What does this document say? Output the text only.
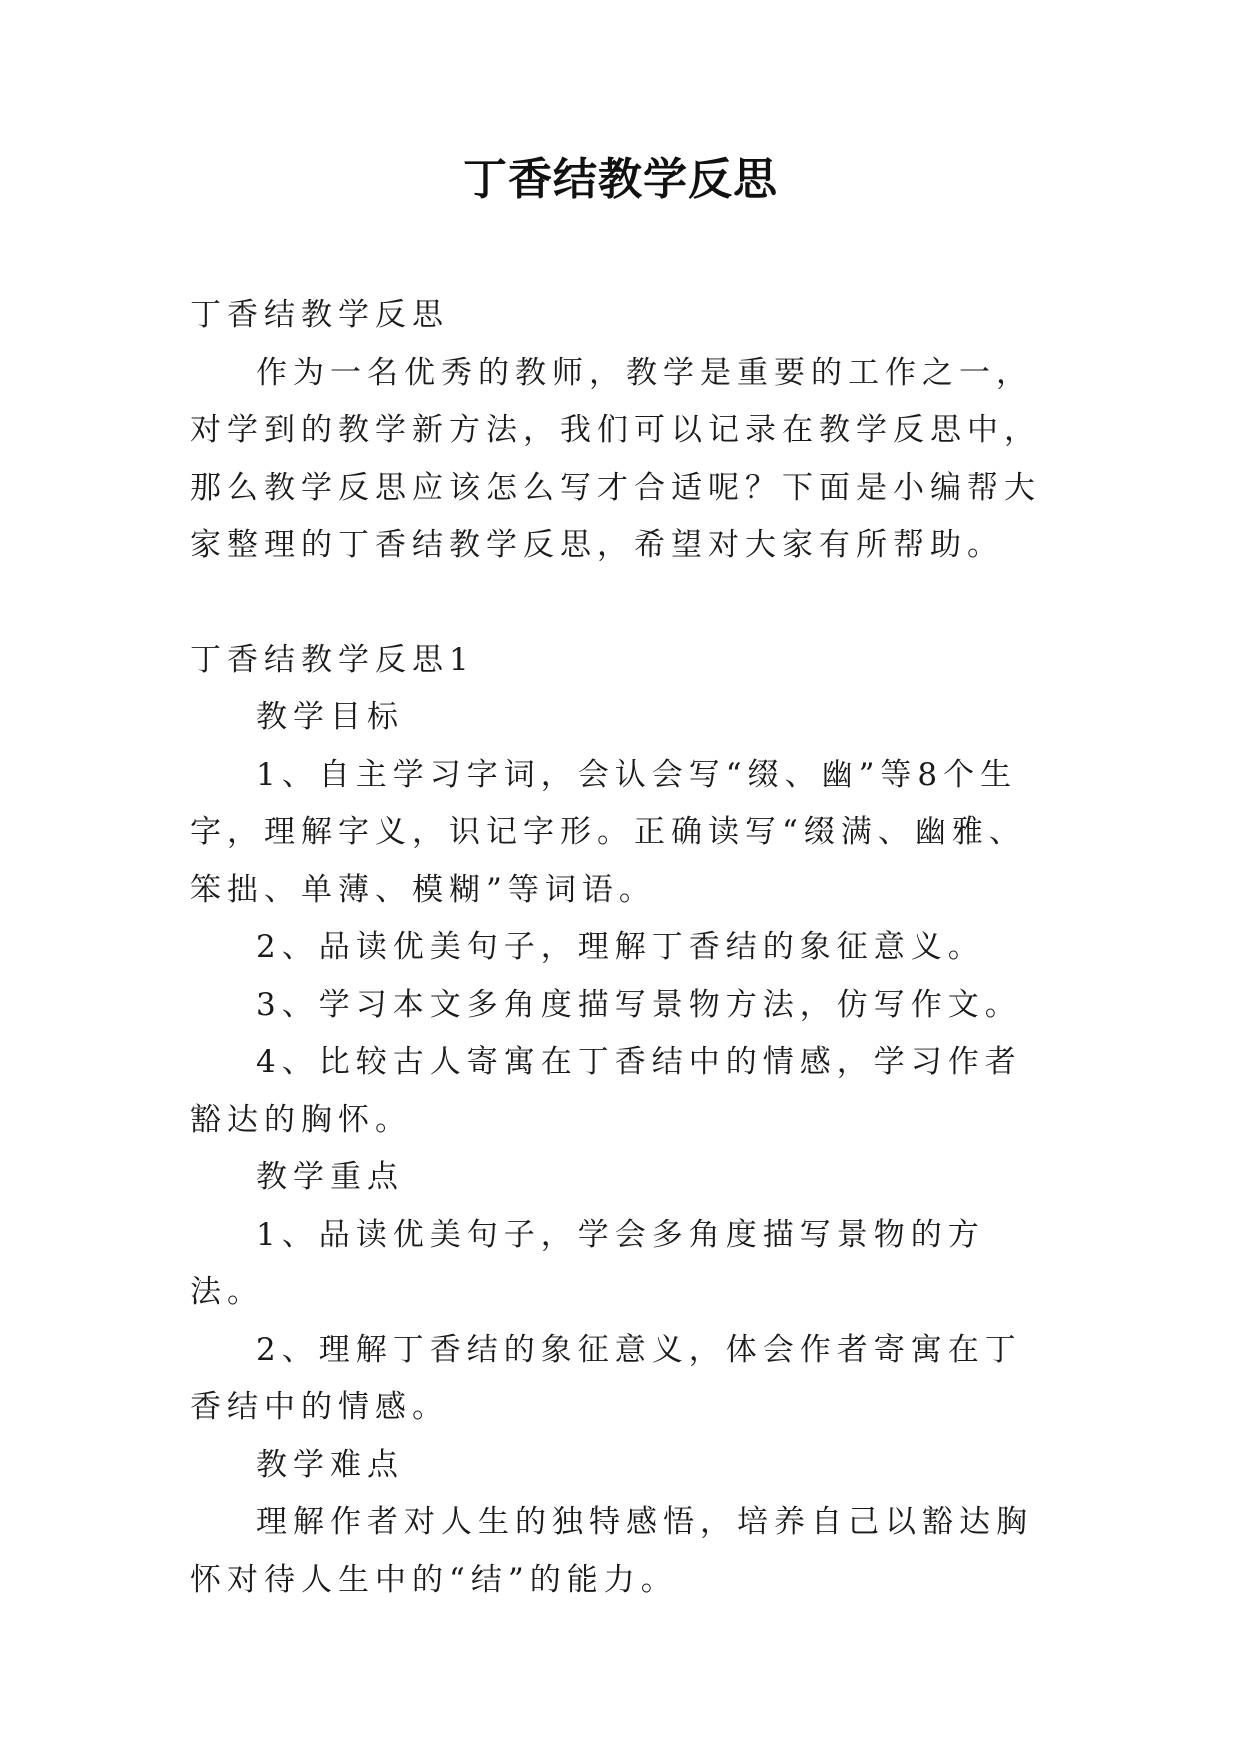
丁香结教学反思

丁香结教学反思

作为一名优秀的教师，教学是重要的工作之一，对学到的教学新方法，我们可以记录在教学反思中，那么教学反思应该怎么写才合适呢？下面是小编帮大家整理的丁香结教学反思，希望对大家有所帮助。

丁香结教学反思1

教学目标

1、自主学习字词，会认会写“缀、幽”等8个生字，理解字义，识记字形。正确读写“缀满、幽雅、笨拙、单薄、模糊”等词语。

2、品读优美句子，理解丁香结的象征意义。

3、学习本文多角度描写景物方法，仿写作文。

4、比较古人寄寓在丁香结中的情感，学习作者豁达的胸怀。

教学重点

1、品读优美句子，学会多角度描写景物的方法。

2、理解丁香结的象征意义，体会作者寄寓在丁香结中的情感。

教学难点

理解作者对人生的独特感悟，培养自己以豁达胸怀对待人生中的“结”的能力。
